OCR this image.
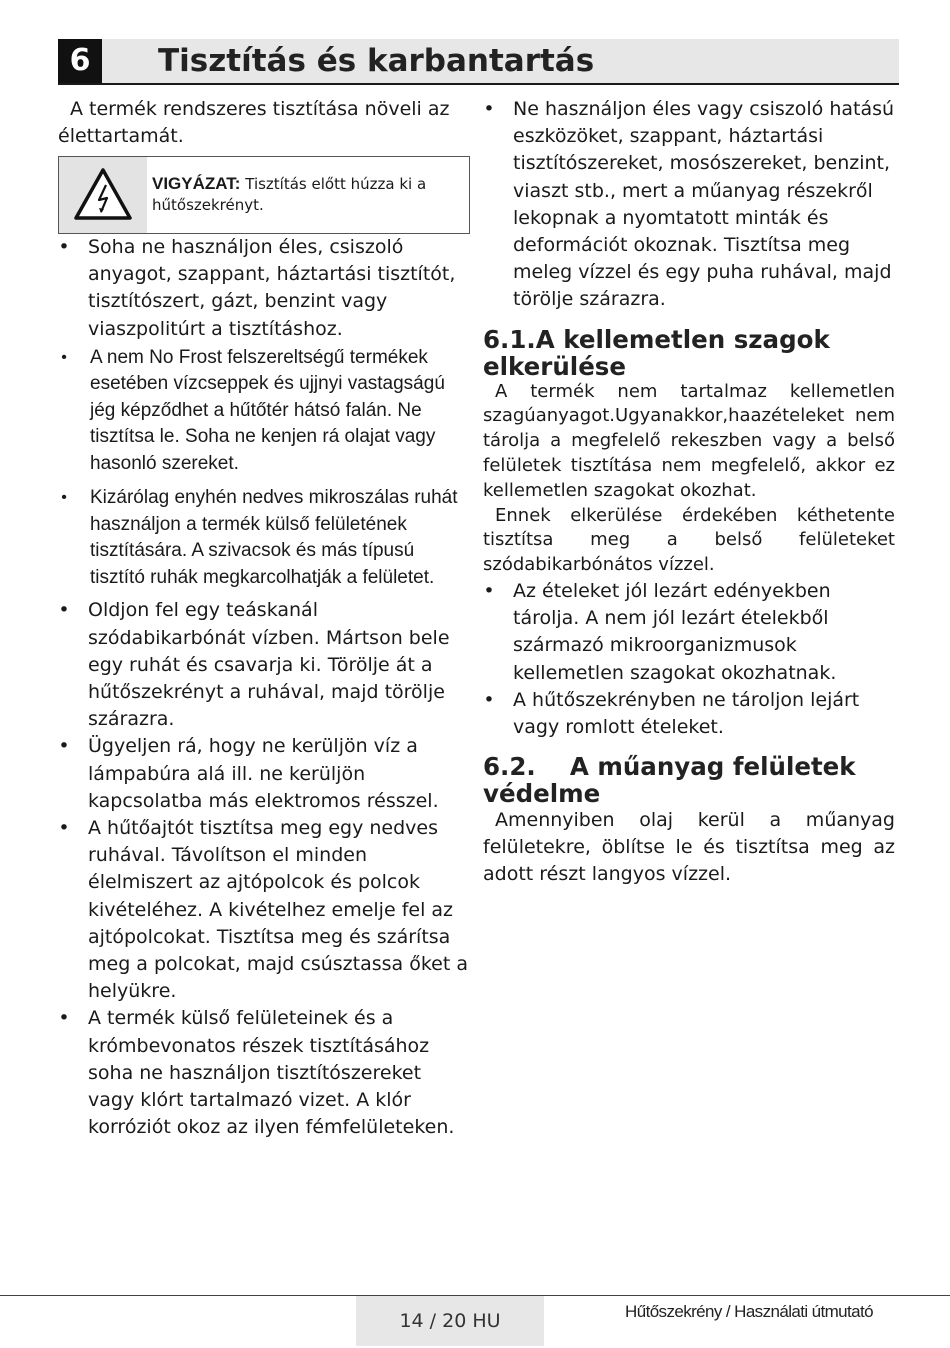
6	Tisztítás és karbantartás

A termék rendszeres tisztítása növeli az élettartamát.

VIGYÁZAT: Tisztítás előtt húzza ki a hűtőszekrényt.
• Soha ne használjon éles, csiszoló anyagot, szappant, háztartási tisztítót, tisztítószert, gázt, benzint vagy viaszpolitúrt a tisztításhoz.
• A nem No Frost felszereltségű termékek esetében vízcseppek és ujjnyi vastagságú jég képződhet a hűtőtér hátsó falán. Ne tisztítsa le. Soha ne kenjen rá olajat vagy hasonló szereket.
• Kizárólag enyhén nedves mikroszálas ruhát használjon a termék külső felületének tisztítására. A szivacsok és más típusú tisztító ruhák megkarcolhatják a felületet.
• Oldjon fel egy teáskanál szódabikarbónát vízben. Mártson bele egy ruhát és csavarja ki. Törölje át a hűtőszekrényt a ruhával, majd törölje szárazra.
• Ügyeljen rá, hogy ne kerüljön víz a lámpabúra alá ill. ne kerüljön kapcsolatba más elektromos résszel.
• A hűtőajtót tisztítsa meg egy nedves ruhával. Távolítson el minden élelmiszert az ajtópolcok és polcok kivételéhez. A kivételhez emelje fel az ajtópolcokat. Tisztítsa meg és szárítsa meg a polcokat, majd csúsztassa őket a helyükre.
• A termék külső felületeinek és a krómbevonatos részek tisztításához soha ne használjon tisztítószereket vagy klórt tartalmazó vizet. A klór korróziót okoz az ilyen fémfelületeken.
• Ne használjon éles vagy csiszoló hatású eszközöket, szappant, háztartási tisztítószereket, mosószereket, benzint, viaszt stb., mert a műanyag részekről lekopnak a nyomtatott minták és deformációt okoznak. Tisztítsa meg meleg vízzel és egy puha ruhával, majd törölje szárazra.
6.1.A kellemetlen szagok elkerülése

A termék nem tartalmaz kellemetlen szagúanyagot.Ugyanakkor,haazételeket nem tárolja a megfelelő rekeszben vagy a belső felületek tisztítása nem megfelelő, akkor ez kellemetlen szagokat okozhat.

Ennek elkerülése érdekében kéthetente tisztítsa meg a belső felületeket szódabikarbónátos vízzel.

• Az ételeket jól lezárt edényekben tárolja. A nem jól lezárt ételekből származó mikroorganizmusok kellemetlen szagokat okozhatnak.
• A hűtőszekrényben ne tároljon lejárt vagy romlott ételeket.
6.2.    A műanyag felületek védelme

Amennyiben olaj kerül a műanyag felületekre, öblítse le és tisztítsa meg az adott részt langyos vízzel.

14 / 20 HU	Hűtőszekrény / Használati útmutató
